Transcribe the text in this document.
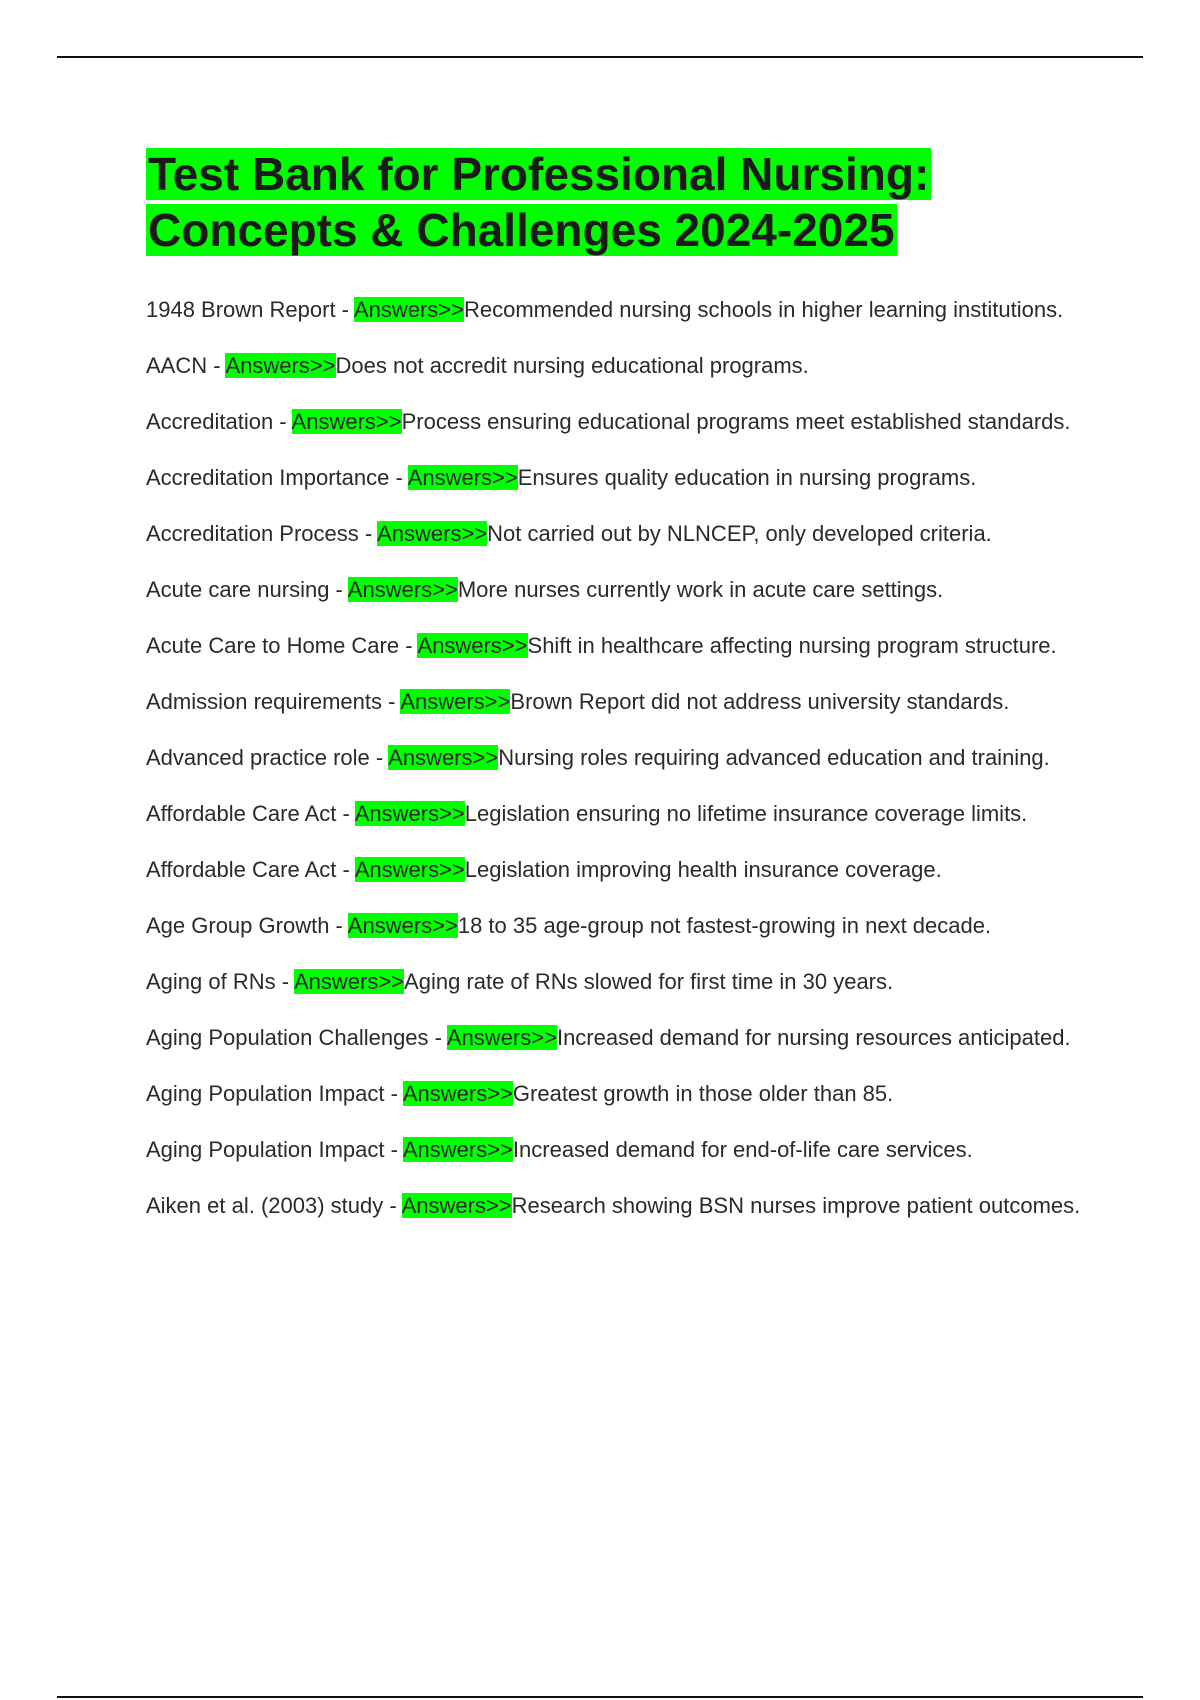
Test Bank for Professional Nursing:
Concepts & Challenges 2024-2025
1948 Brown Report - Answers>>Recommended nursing schools in higher learning institutions.
AACN - Answers>>Does not accredit nursing educational programs.
Accreditation - Answers>>Process ensuring educational programs meet established standards.
Accreditation Importance - Answers>>Ensures quality education in nursing programs.
Accreditation Process - Answers>>Not carried out by NLNCEP, only developed criteria.
Acute care nursing - Answers>>More nurses currently work in acute care settings.
Acute Care to Home Care - Answers>>Shift in healthcare affecting nursing program structure.
Admission requirements - Answers>>Brown Report did not address university standards.
Advanced practice role - Answers>>Nursing roles requiring advanced education and training.
Affordable Care Act - Answers>>Legislation ensuring no lifetime insurance coverage limits.
Affordable Care Act - Answers>>Legislation improving health insurance coverage.
Age Group Growth - Answers>>18 to 35 age-group not fastest-growing in next decade.
Aging of RNs - Answers>>Aging rate of RNs slowed for first time in 30 years.
Aging Population Challenges - Answers>>Increased demand for nursing resources anticipated.
Aging Population Impact - Answers>>Greatest growth in those older than 85.
Aging Population Impact - Answers>>Increased demand for end-of-life care services.
Aiken et al. (2003) study - Answers>>Research showing BSN nurses improve patient outcomes.
